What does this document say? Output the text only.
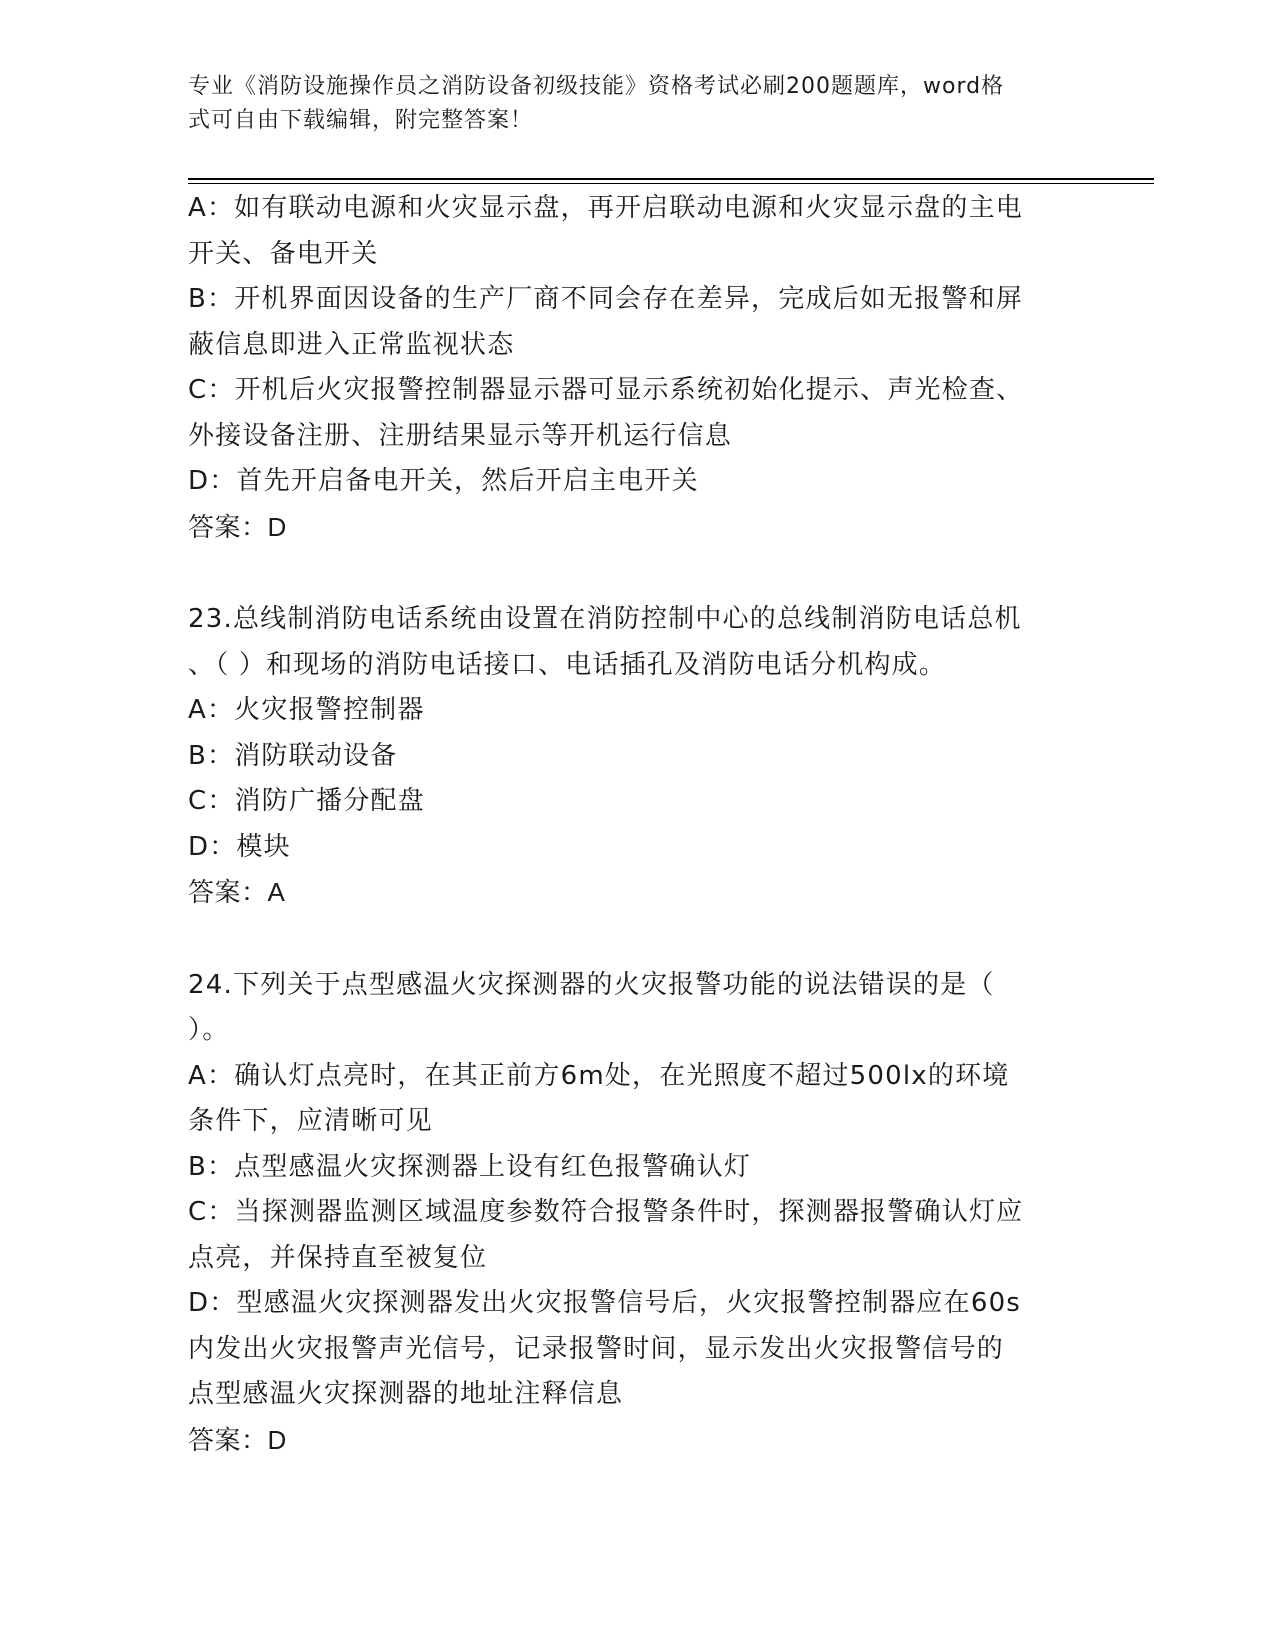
专业《消防设施操作员之消防设备初级技能》资格考试必刷200题题库，word格
式可自由下载编辑，附完整答案！
A：如有联动电源和火灾显示盘，再开启联动电源和火灾显示盘的主电
开关、备电开关
B：开机界面因设备的生产厂商不同会存在差异，完成后如无报警和屏
蔽信息即进入正常监视状态
C：开机后火灾报警控制器显示器可显示系统初始化提示、声光检查、
外接设备注册、注册结果显示等开机运行信息
D：首先开启备电开关，然后开启主电开关
答案：D
23.总线制消防电话系统由设置在消防控制中心的总线制消防电话总机
、（ ）和现场的消防电话接口、电话插孔及消防电话分机构成。
A：火灾报警控制器
B：消防联动设备
C：消防广播分配盘
D：模块
答案：A
24.下列关于点型感温火灾探测器的火灾报警功能的说法错误的是（
）。
A：确认灯点亮时，在其正前方6m处，在光照度不超过500lx的环境
条件下，应清晰可见
B：点型感温火灾探测器上设有红色报警确认灯
C：当探测器监测区域温度参数符合报警条件时，探测器报警确认灯应
点亮，并保持直至被复位
D：型感温火灾探测器发出火灾报警信号后，火灾报警控制器应在60s
内发出火灾报警声光信号，记录报警时间，显示发出火灾报警信号的
点型感温火灾探测器的地址注释信息
答案：D
